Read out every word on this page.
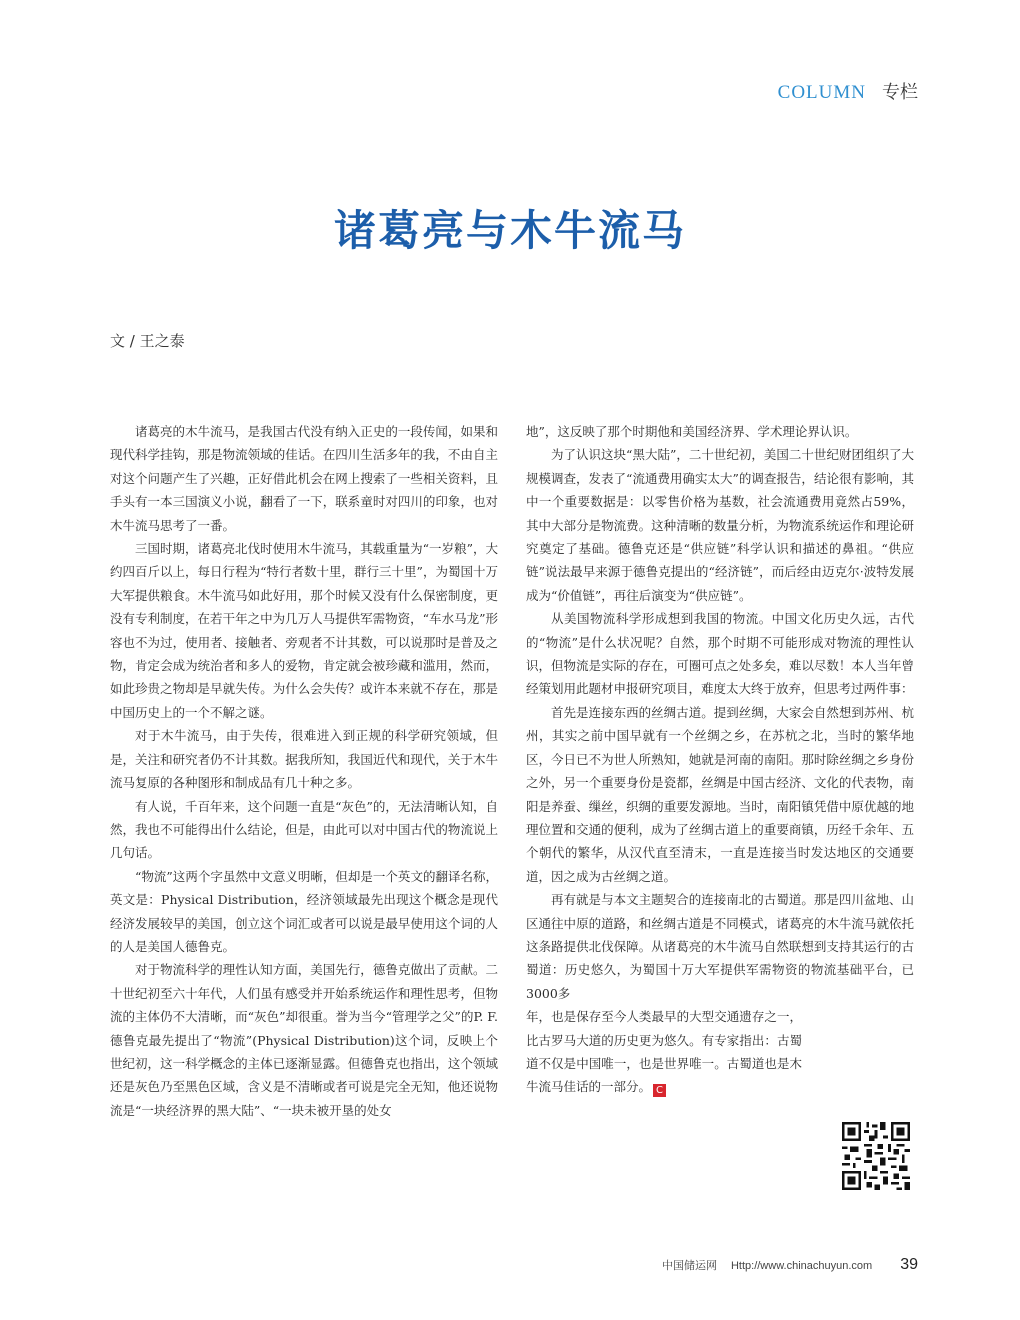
COLUMN 专栏
诸葛亮与木牛流马
文 / 王之泰

诸葛亮的木牛流马，是我国古代没有纳入正史的一段传闻，如果和现代科学挂钩，那是物流领域的佳话。在四川生活多年的我，不由自主对这个问题产生了兴趣，正好借此机会在网上搜索了一些相关资料，且手头有一本三国演义小说，翻看了一下，联系童时对四川的印象，也对木牛流马思考了一番。

三国时期，诸葛亮北伐时使用木牛流马，其载重量为“一岁粮”，大约四百斤以上，每日行程为“特行者数十里，群行三十里”，为蜀国十万大军提供粮食。木牛流马如此好用，那个时候又没有什么保密制度，更没有专利制度，在若干年之中为几万人马提供军需物资，“车水马龙”形容也不为过，使用者、接触者、旁观者不计其数，可以说那时是普及之物，肯定会成为统治者和多人的爱物，肯定就会被珍藏和滥用，然而，如此珍贵之物却是早就失传。为什么会失传？或许本来就不存在，那是中国历史上的一个不解之谜。

对于木牛流马，由于失传，很难进入到正规的科学研究领域，但是，关注和研究者仍不计其数。据我所知，我国近代和现代，关于木牛流马复原的各种图形和制成品有几十种之多。

有人说，千百年来，这个问题一直是“灰色”的，无法清晰认知，自然，我也不可能得出什么结论，但是，由此可以对中国古代的物流说上几句话。

“物流”这两个字虽然中文意义明晰，但却是一个英文的翻译名称，英文是：Physical Distribution，经济领域最先出现这个概念是现代经济发展较早的美国，创立这个词汇或者可以说是最早使用这个词的人的人是美国人德鲁克。

对于物流科学的理性认知方面，美国先行，德鲁克做出了贡献。二十世纪初至六十年代，人们虽有感受并开始系统运作和理性思考，但物流的主体仍不大清晰，而“灰色”却很重。誉为当今“管理学之父”的P. F. 德鲁克最先提出了“物流”(Physical Distribution)这个词，反映上个世纪初，这一科学概念的主体已逐渐显露。但德鲁克也指出，这个领域还是灰色乃至黑色区域，含义是不清晰或者可说是完全无知，他还说物流是“一块经济界的黑大陆”、“一块未被开垦的处女

地”，这反映了那个时期他和美国经济界、学术理论界认识。

为了认识这块“黑大陆”，二十世纪初，美国二十世纪财团组织了大规模调查，发表了“流通费用确实太大”的调查报告，结论很有影响，其中一个重要数据是：以零售价格为基数，社会流通费用竟然占59%，其中大部分是物流费。这种清晰的数量分析，为物流系统运作和理论研究奠定了基础。德鲁克还是“供应链”科学认识和描述的鼻祖。“供应链”说法最早来源于德鲁克提出的“经济链”，而后经由迈克尔·波特发展成为“价值链”，再往后演变为“供应链”。

从美国物流科学形成想到我国的物流。中国文化历史久远，古代的“物流”是什么状况呢？自然，那个时期不可能形成对物流的理性认识，但物流是实际的存在，可圈可点之处多矣，难以尽数！本人当年曾经策划用此题材申报研究项目，难度太大终于放弃，但思考过两件事：

首先是连接东西的丝绸古道。提到丝绸，大家会自然想到苏州、杭州，其实之前中国早就有一个丝绸之乡，在苏杭之北，当时的繁华地区，今日已不为世人所熟知，她就是河南的南阳。那时除丝绸之乡身份之外，另一个重要身份是瓷都，丝绸是中国古经济、文化的代表物，南阳是养蚕、缫丝，织绸的重要发源地。当时，南阳镇凭借中原优越的地理位置和交通的便利，成为了丝绸古道上的重要商镇，历经千余年、五个朝代的繁华，从汉代直至清末，一直是连接当时发达地区的交通要道，因之成为古丝绸之道。

再有就是与本文主题契合的连接南北的古蜀道。那是四川盆地、山区通往中原的道路，和丝绸古道是不同模式，诸葛亮的木牛流马就依托这条路提供北伐保障。从诸葛亮的木牛流马自然联想到支持其运行的古蜀道：历史悠久，为蜀国十万大军提供军需物资的物流基础平台，已3000多

年，也是保存至今人类最早的大型交通遗存之一，比古罗马大道的历史更为悠久。有专家指出：古蜀道不仅是中国唯一，也是世界唯一。古蜀道也是木牛流马佳话的一部分。 C

中国储运网 Http://www.chinachuyun.com 39
